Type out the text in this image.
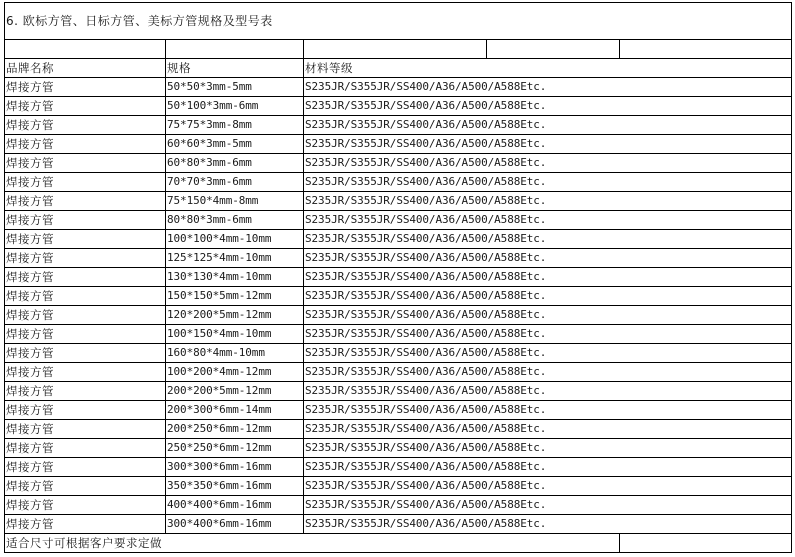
6. 欧标方管、日标方管、美标方管规格及型号表				

品牌名称	规格	材料等级		
焊接方管	50*50*3mm-5mm	S235JR/S355JR/SS400/A36/A500/A588Etc.		
焊接方管	50*100*3mm-6mm	S235JR/S355JR/SS400/A36/A500/A588Etc.		
焊接方管	75*75*3mm-8mm	S235JR/S355JR/SS400/A36/A500/A588Etc.		
焊接方管	60*60*3mm-5mm	S235JR/S355JR/SS400/A36/A500/A588Etc.		
焊接方管	60*80*3mm-6mm	S235JR/S355JR/SS400/A36/A500/A588Etc.		
焊接方管	70*70*3mm-6mm	S235JR/S355JR/SS400/A36/A500/A588Etc.		
焊接方管	75*150*4mm-8mm	S235JR/S355JR/SS400/A36/A500/A588Etc.		
焊接方管	80*80*3mm-6mm	S235JR/S355JR/SS400/A36/A500/A588Etc.		
焊接方管	100*100*4mm-10mm	S235JR/S355JR/SS400/A36/A500/A588Etc.		
焊接方管	125*125*4mm-10mm	S235JR/S355JR/SS400/A36/A500/A588Etc.		
焊接方管	130*130*4mm-10mm	S235JR/S355JR/SS400/A36/A500/A588Etc.		
焊接方管	150*150*5mm-12mm	S235JR/S355JR/SS400/A36/A500/A588Etc.		
焊接方管	120*200*5mm-12mm	S235JR/S355JR/SS400/A36/A500/A588Etc.		
焊接方管	100*150*4mm-10mm	S235JR/S355JR/SS400/A36/A500/A588Etc.		
焊接方管	160*80*4mm-10mm	S235JR/S355JR/SS400/A36/A500/A588Etc.		
焊接方管	100*200*4mm-12mm	S235JR/S355JR/SS400/A36/A500/A588Etc.		
焊接方管	200*200*5mm-12mm	S235JR/S355JR/SS400/A36/A500/A588Etc.		
焊接方管	200*300*6mm-14mm	S235JR/S355JR/SS400/A36/A500/A588Etc.		
焊接方管	200*250*6mm-12mm	S235JR/S355JR/SS400/A36/A500/A588Etc.		
焊接方管	250*250*6mm-12mm	S235JR/S355JR/SS400/A36/A500/A588Etc.		
焊接方管	300*300*6mm-16mm	S235JR/S355JR/SS400/A36/A500/A588Etc.		
焊接方管	350*350*6mm-16mm	S235JR/S355JR/SS400/A36/A500/A588Etc.		
焊接方管	400*400*6mm-16mm	S235JR/S355JR/SS400/A36/A500/A588Etc.		
焊接方管	300*400*6mm-16mm	S235JR/S355JR/SS400/A36/A500/A588Etc.		
适合尺寸可根据客户要求定做				
